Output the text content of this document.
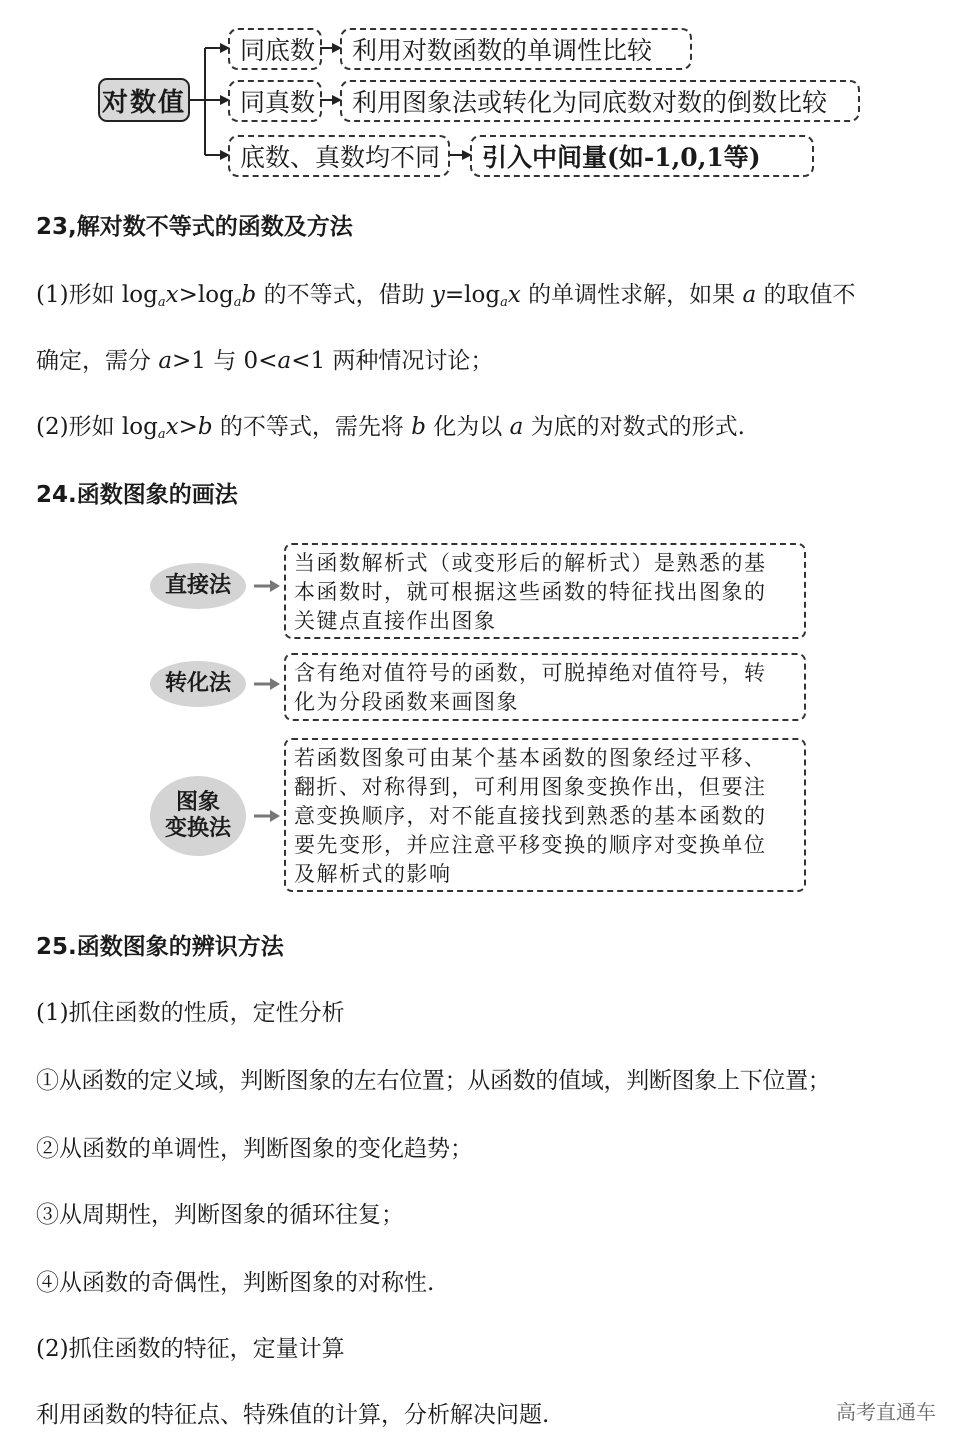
对数值
同底数 利用对数函数的单调性比较
同真数 利用图象法或转化为同底数对数的倒数比较
底数、真数均不同 引入中间量(如-1,0,1等)
23,解对数不等式的函数及方法
(1)形如 $\log_ax>\log_ab$ 的不等式，借助 $y=\log_ax$ 的单调性求解，如果 a 的取值不
确定，需分 a>1 与 0<a<1 两种情况讨论；
(2)形如 $\log_ax>b$ 的不等式，需先将 b 化为以 a 为底的对数式的形式.
24.函数图象的画法
直接法
当函数解析式（或变形后的解析式）是熟悉的基
本函数时，就可根据这些函数的特征找出图象的
关键点直接作出图象
转化法	含有绝对值符号的函数，可脱掉绝对值符号，转
化为分段函数来画图象
图象
变换法
若函数图象可由某个基本函数的图象经过平移、
翻折、对称得到，可利用图象变换作出，但要注
意变换顺序，对不能直接找到熟悉的基本函数的
要先变形，并应注意平移变换的顺序对变换单位
及解析式的影响
25.函数图象的辨识方法
(1)抓住函数的性质，定性分析
①从函数的定义域，判断图象的左右位置；从函数的值域，判断图象上下位置；
②从函数的单调性，判断图象的变化趋势；
③从周期性，判断图象的循环往复；
④从函数的奇偶性，判断图象的对称性.
(2)抓住函数的特征，定量计算
利用函数的特征点、特殊值的计算，分析解决问题.	高考直通车
